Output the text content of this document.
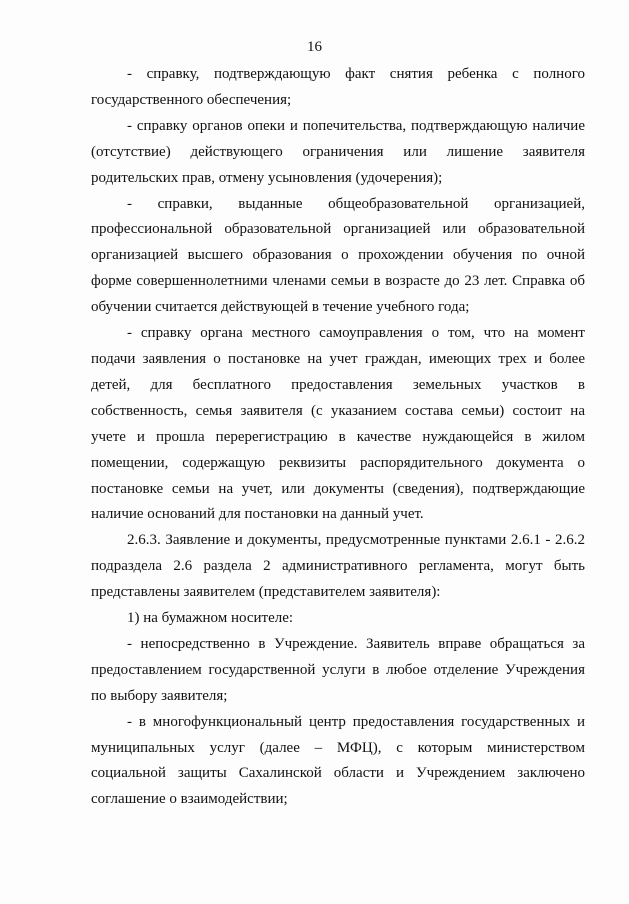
16

- справку, подтверждающую факт снятия ребенка с полного государственного обеспечения;

- справку органов опеки и попечительства, подтверждающую наличие (отсутствие) действующего ограничения или лишение заявителя родительских прав, отмену усыновления (удочерения);

- справки, выданные общеобразовательной организацией, профессиональной образовательной организацией или образовательной организацией высшего образования о прохождении обучения по очной форме совершеннолетними членами семьи в возрасте до 23 лет. Справка об обучении считается действующей в течение учебного года;

- справку органа местного самоуправления о том, что на момент подачи заявления о постановке на учет граждан, имеющих трех и более детей, для бесплатного предоставления земельных участков в собственность, семья заявителя (с указанием состава семьи) состоит на учете и прошла перерегистрацию в качестве нуждающейся в жилом помещении, содержащую реквизиты распорядительного документа о постановке семьи на учет, или документы (сведения), подтверждающие наличие оснований для постановки на данный учет.

2.6.3. Заявление и документы, предусмотренные пунктами 2.6.1 - 2.6.2 подраздела 2.6 раздела 2 административного регламента, могут быть представлены заявителем (представителем заявителя):

1) на бумажном носителе:

- непосредственно в Учреждение. Заявитель вправе обращаться за предоставлением государственной услуги в любое отделение Учреждения по выбору заявителя;

- в многофункциональный центр предоставления государственных и муниципальных услуг (далее – МФЦ), с которым министерством социальной защиты Сахалинской области и Учреждением заключено соглашение о взаимодействии;
